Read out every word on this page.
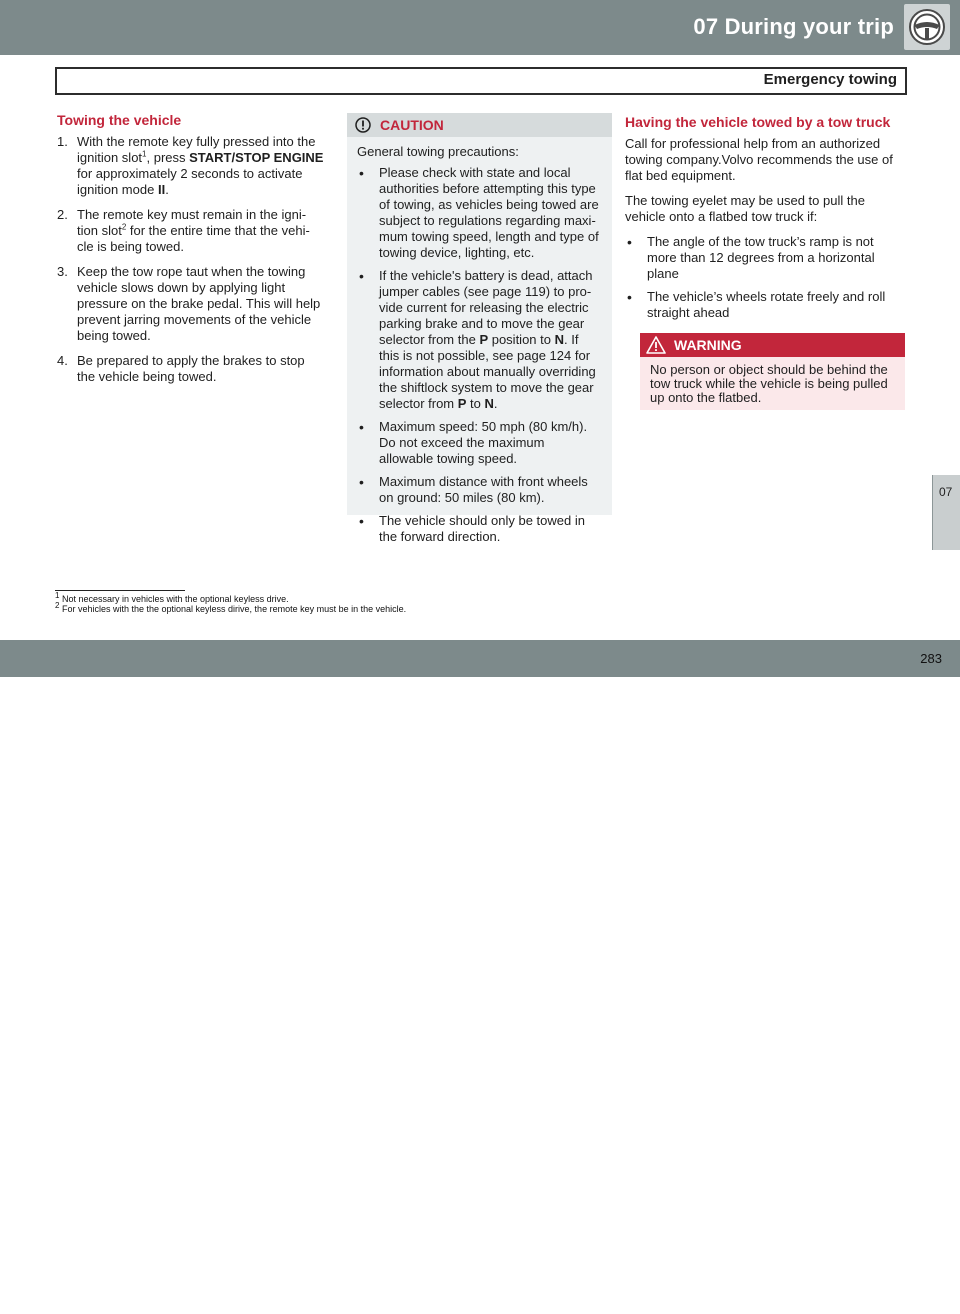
07 During your trip
Emergency towing
07
Towing the vehicle
1. With the remote key fully pressed into the ignition slot$^1$, press START/STOP ENGINE for approximately 2 seconds to activate ignition mode II.
2. The remote key must remain in the igni-tion slot$^2$ for the entire time that the vehi-cle is being towed.
3. Keep the tow rope taut when the towing vehicle slows down by applying light pressure on the brake pedal. This will help prevent jarring movements of the vehicle being towed.
4. Be prepared to apply the brakes to stop the vehicle being towed.
CAUTION

General towing precautions:

• Please check with state and local authorities before attempting this type of towing, as vehicles being towed are subject to regulations regarding maxi-mum towing speed, length and type of towing device, lighting, etc.
• If the vehicle's battery is dead, attach jumper cables (see page 119) to pro-vide current for releasing the electric parking brake and to move the gear selector from the P position to N. If this is not possible, see page 124 for information about manually overriding the shiftlock system to move the gear selector from P to N.
• Maximum speed: 50 mph (80 km/h). Do not exceed the maximum allowable towing speed.
• Maximum distance with front wheels on ground: 50 miles (80 km).
• The vehicle should only be towed in the forward direction.
Having the vehicle towed by a tow truck

Call for professional help from an authorized towing company.Volvo recommends the use of flat bed equipment.

The towing eyelet may be used to pull the vehicle onto a flatbed tow truck if:

• The angle of the tow truck’s ramp is not more than 12 degrees from a horizontal plane
• The vehicle’s wheels rotate freely and roll straight ahead
WARNING
No person or object should be behind the tow truck while the vehicle is being pulled up onto the flatbed.
$^1$ Not necessary in vehicles with the optional keyless drive.
$^2$ For vehicles with the the optional keyless dirive, the remote key must be in the vehicle.
carmanualsonline.info
283
